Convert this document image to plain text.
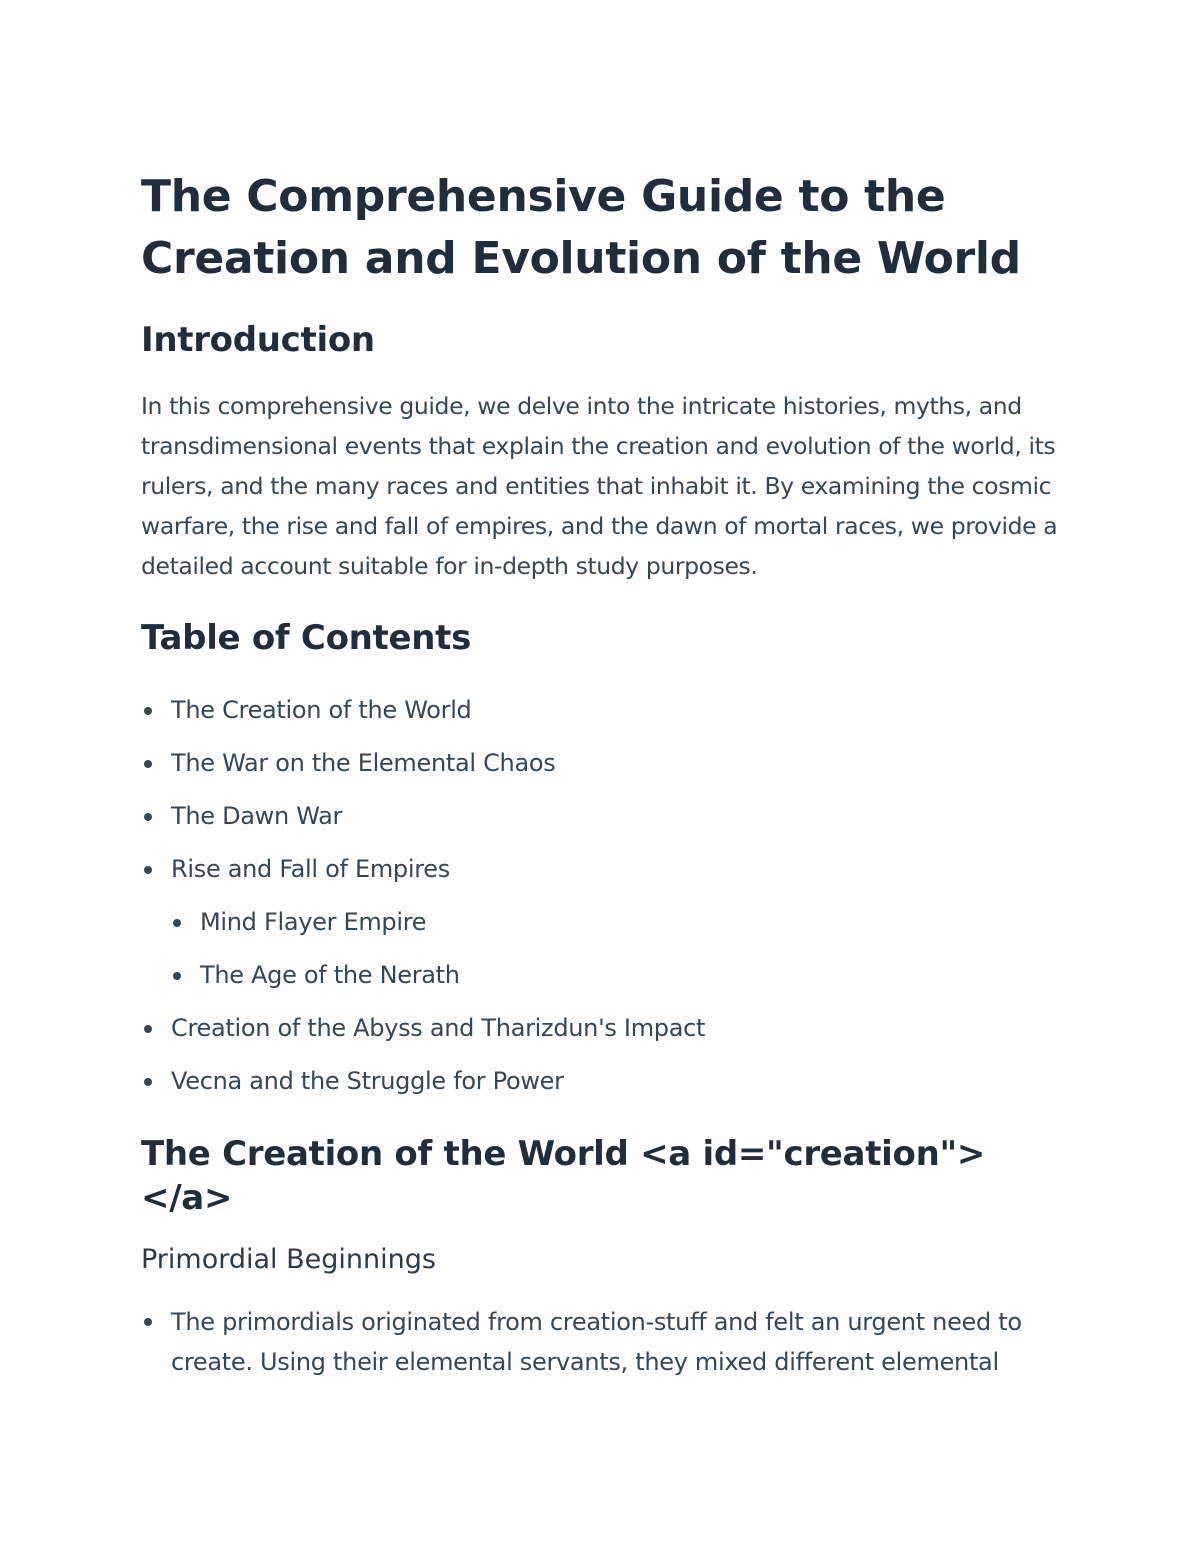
The Comprehensive Guide to the Creation and Evolution of the World
Introduction

In this comprehensive guide, we delve into the intricate histories, myths, and transdimensional events that explain the creation and evolution of the world, its rulers, and the many races and entities that inhabit it. By examining the cosmic warfare, the rise and fall of empires, and the dawn of mortal races, we provide a detailed account suitable for in-depth study purposes.

Table of Contents
The Creation of the World
The War on the Elemental Chaos
The Dawn War
Rise and Fall of Empires
Mind Flayer Empire
The Age of the Nerath
Creation of the Abyss and Tharizdun's Impact
Vecna and the Struggle for Power
The Creation of the World <a id="creation"></a>
Primordial Beginnings
The primordials originated from creation-stuff and felt an urgent need to create. Using their elemental servants, they mixed different elemental
